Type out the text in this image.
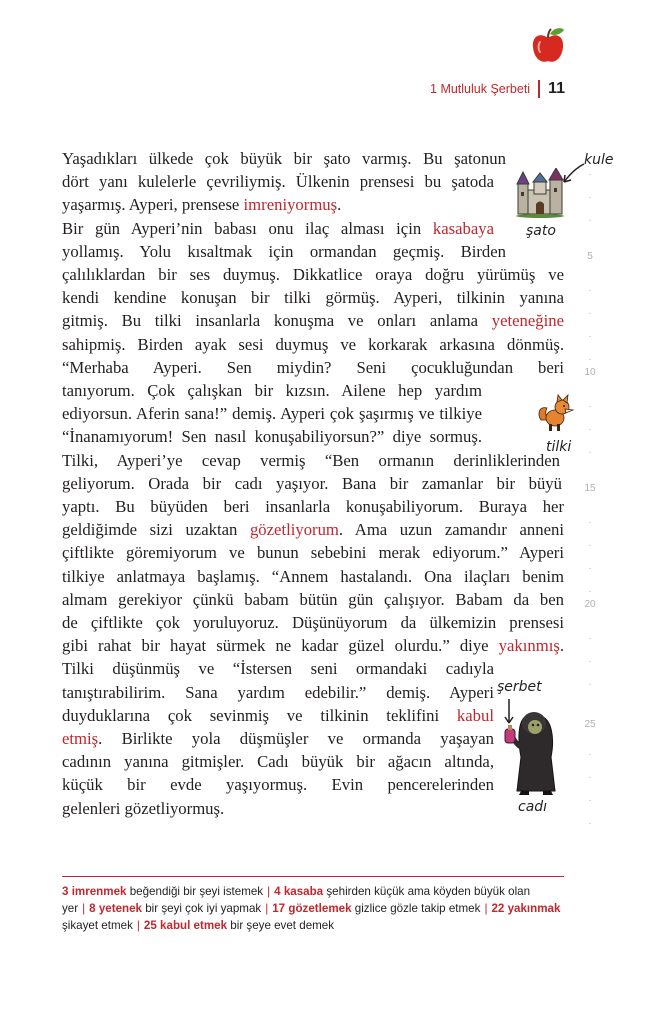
1 Mutluluk Şerbeti 11
Yaşadıkları ülkede çok büyük bir şato varmış. Bu şatonun
dört yanı kulelerle çevriliymiş. Ülkenin prensesi bu şatoda
yaşarmış. Ayperi, prensese imreniyormuş.
Bir gün Ayperi’nin babası onu ilaç alması için kasabaya
yollamış. Yolu kısaltmak için ormandan geçmiş. Birden
çalılıklardan bir ses duymuş. Dikkatlice oraya doğru yürümüş ve
kendi kendine konuşan bir tilki görmüş. Ayperi, tilkinin yanına
gitmiş. Bu tilki insanlarla konuşma ve onları anlama yeteneğine
sahipmiş. Birden ayak sesi duymuş ve korkarak arkasına dönmüş.
“Merhaba Ayperi. Sen miydin? Seni çocukluğundan beri
tanıyorum. Çok çalışkan bir kızsın. Ailene hep yardım
ediyorsun. Aferin sana!” demiş. Ayperi çok şaşırmış ve tilkiye
“İnanamıyorum! Sen nasıl konuşabiliyorsun?” diye sormuş.
Tilki, Ayperi’ye cevap vermiş “Ben ormanın derinliklerinden
geliyorum. Orada bir cadı yaşıyor. Bana bir zamanlar bir büyü
yaptı. Bu büyüden beri insanlarla konuşabiliyorum. Buraya her
geldiğimde sizi uzaktan gözetliyorum. Ama uzun zamandır anneni
çiftlikte göremiyorum ve bunun sebebini merak ediyorum.” Ayperi
tilkiye anlatmaya başlamış. “Annem hastalandı. Ona ilaçları benim
almam gerekiyor çünkü babam bütün gün çalışıyor. Babam da ben
de çiftlikte çok yoruluyoruz. Düşünüyorum da ülkemizin prensesi
gibi rahat bir hayat sürmek ne kadar güzel olurdu.” diye yakınmış.
Tilki düşünmüş ve “İstersen seni ormandaki cadıyla
tanıştırabilirim. Sana yardım edebilir.” demiş. Ayperi
duyduklarına çok sevinmiş ve tilkinin teklifini kabul
etmiş. Birlikte yola düşmüşler ve ormanda yaşayan
cadının yanına gitmişler. Cadı büyük bir ağacın altında,
küçük bir evde yaşıyormuş. Evin pencerelerinden
gelenleri gözetliyormuş.
·
·
·
5
·
·
·
·
10
·
·
·
15
·
·
·
·
20
·
·
·
25
·
·
·
·
kule
şato
tilki
şerbet
cadı
3 imrenmek beğendiği bir şeyi istemek | 4 kasaba şehirden küçük ama köyden büyük olan yer | 8 yetenek bir şeyi çok iyi yapmak | 17 gözetlemek gizlice gözle takip etmek | 22 yakınmak şikayet etmek | 25 kabul etmek bir şeye evet demek
